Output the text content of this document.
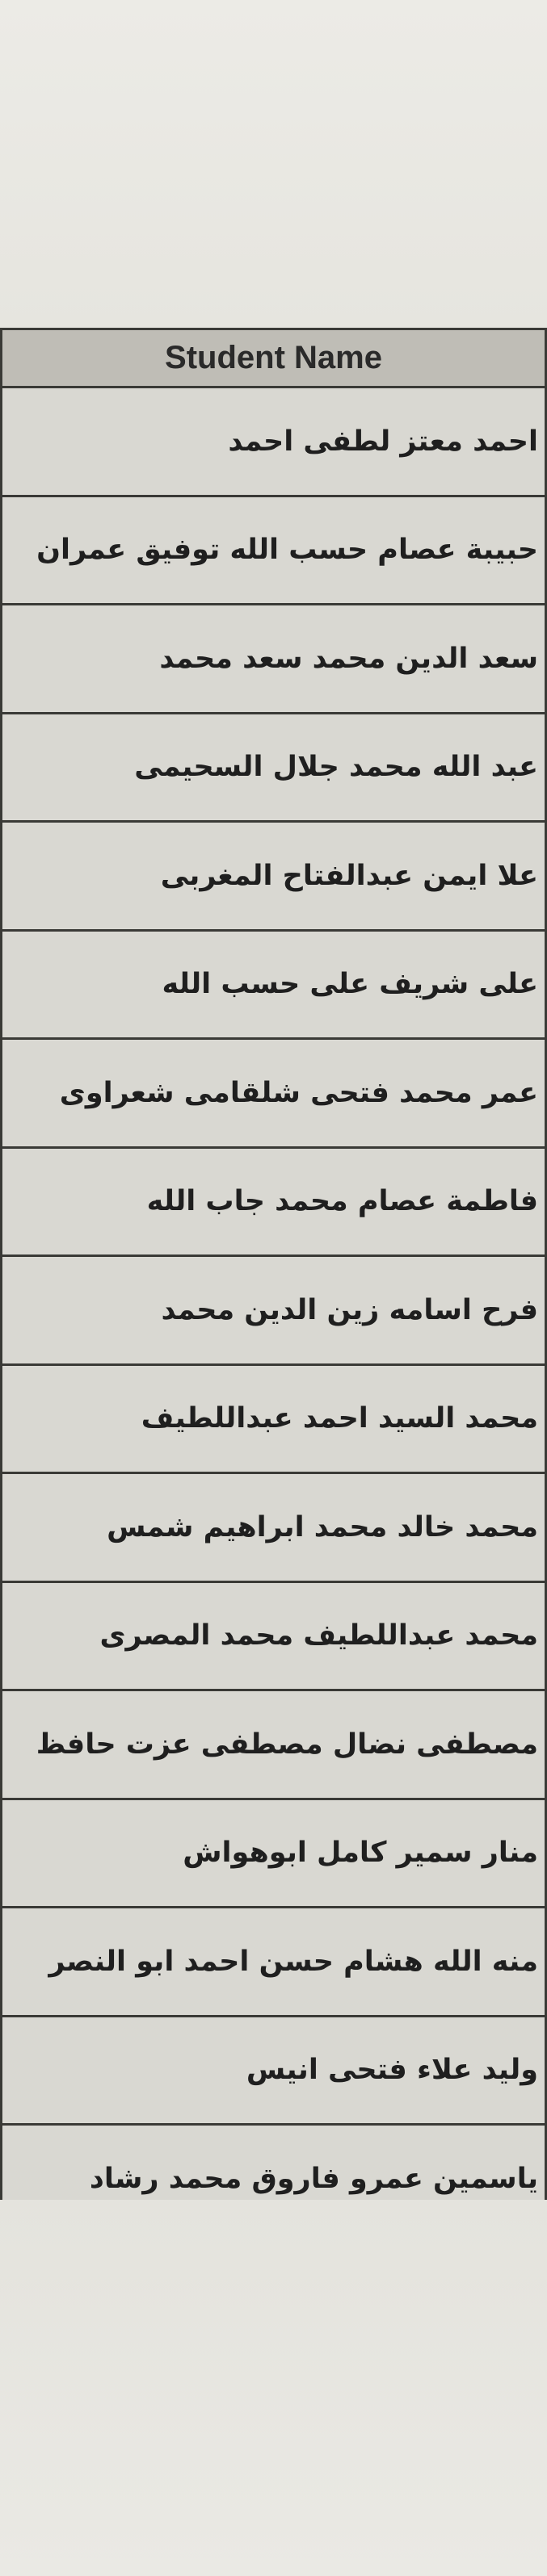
Student Name
احمد معتز لطفى احمد
حبيبة عصام حسب الله توفيق عمران
سعد الدين محمد سعد محمد
عبد الله محمد جلال السحيمى
علا ايمن عبدالفتاح المغربى
على شريف على حسب الله
عمر محمد فتحى شلقامى شعراوى
فاطمة عصام محمد جاب الله
فرح اسامه زين الدين محمد
محمد السيد احمد عبداللطيف
محمد خالد محمد ابراهيم شمس
محمد عبداللطيف محمد المصرى
مصطفى نضال مصطفى عزت حافظ
منار سمير كامل ابوهواش
منه الله هشام حسن احمد ابو النصر
وليد علاء فتحى انيس
ياسمين عمرو فاروق محمد رشاد
